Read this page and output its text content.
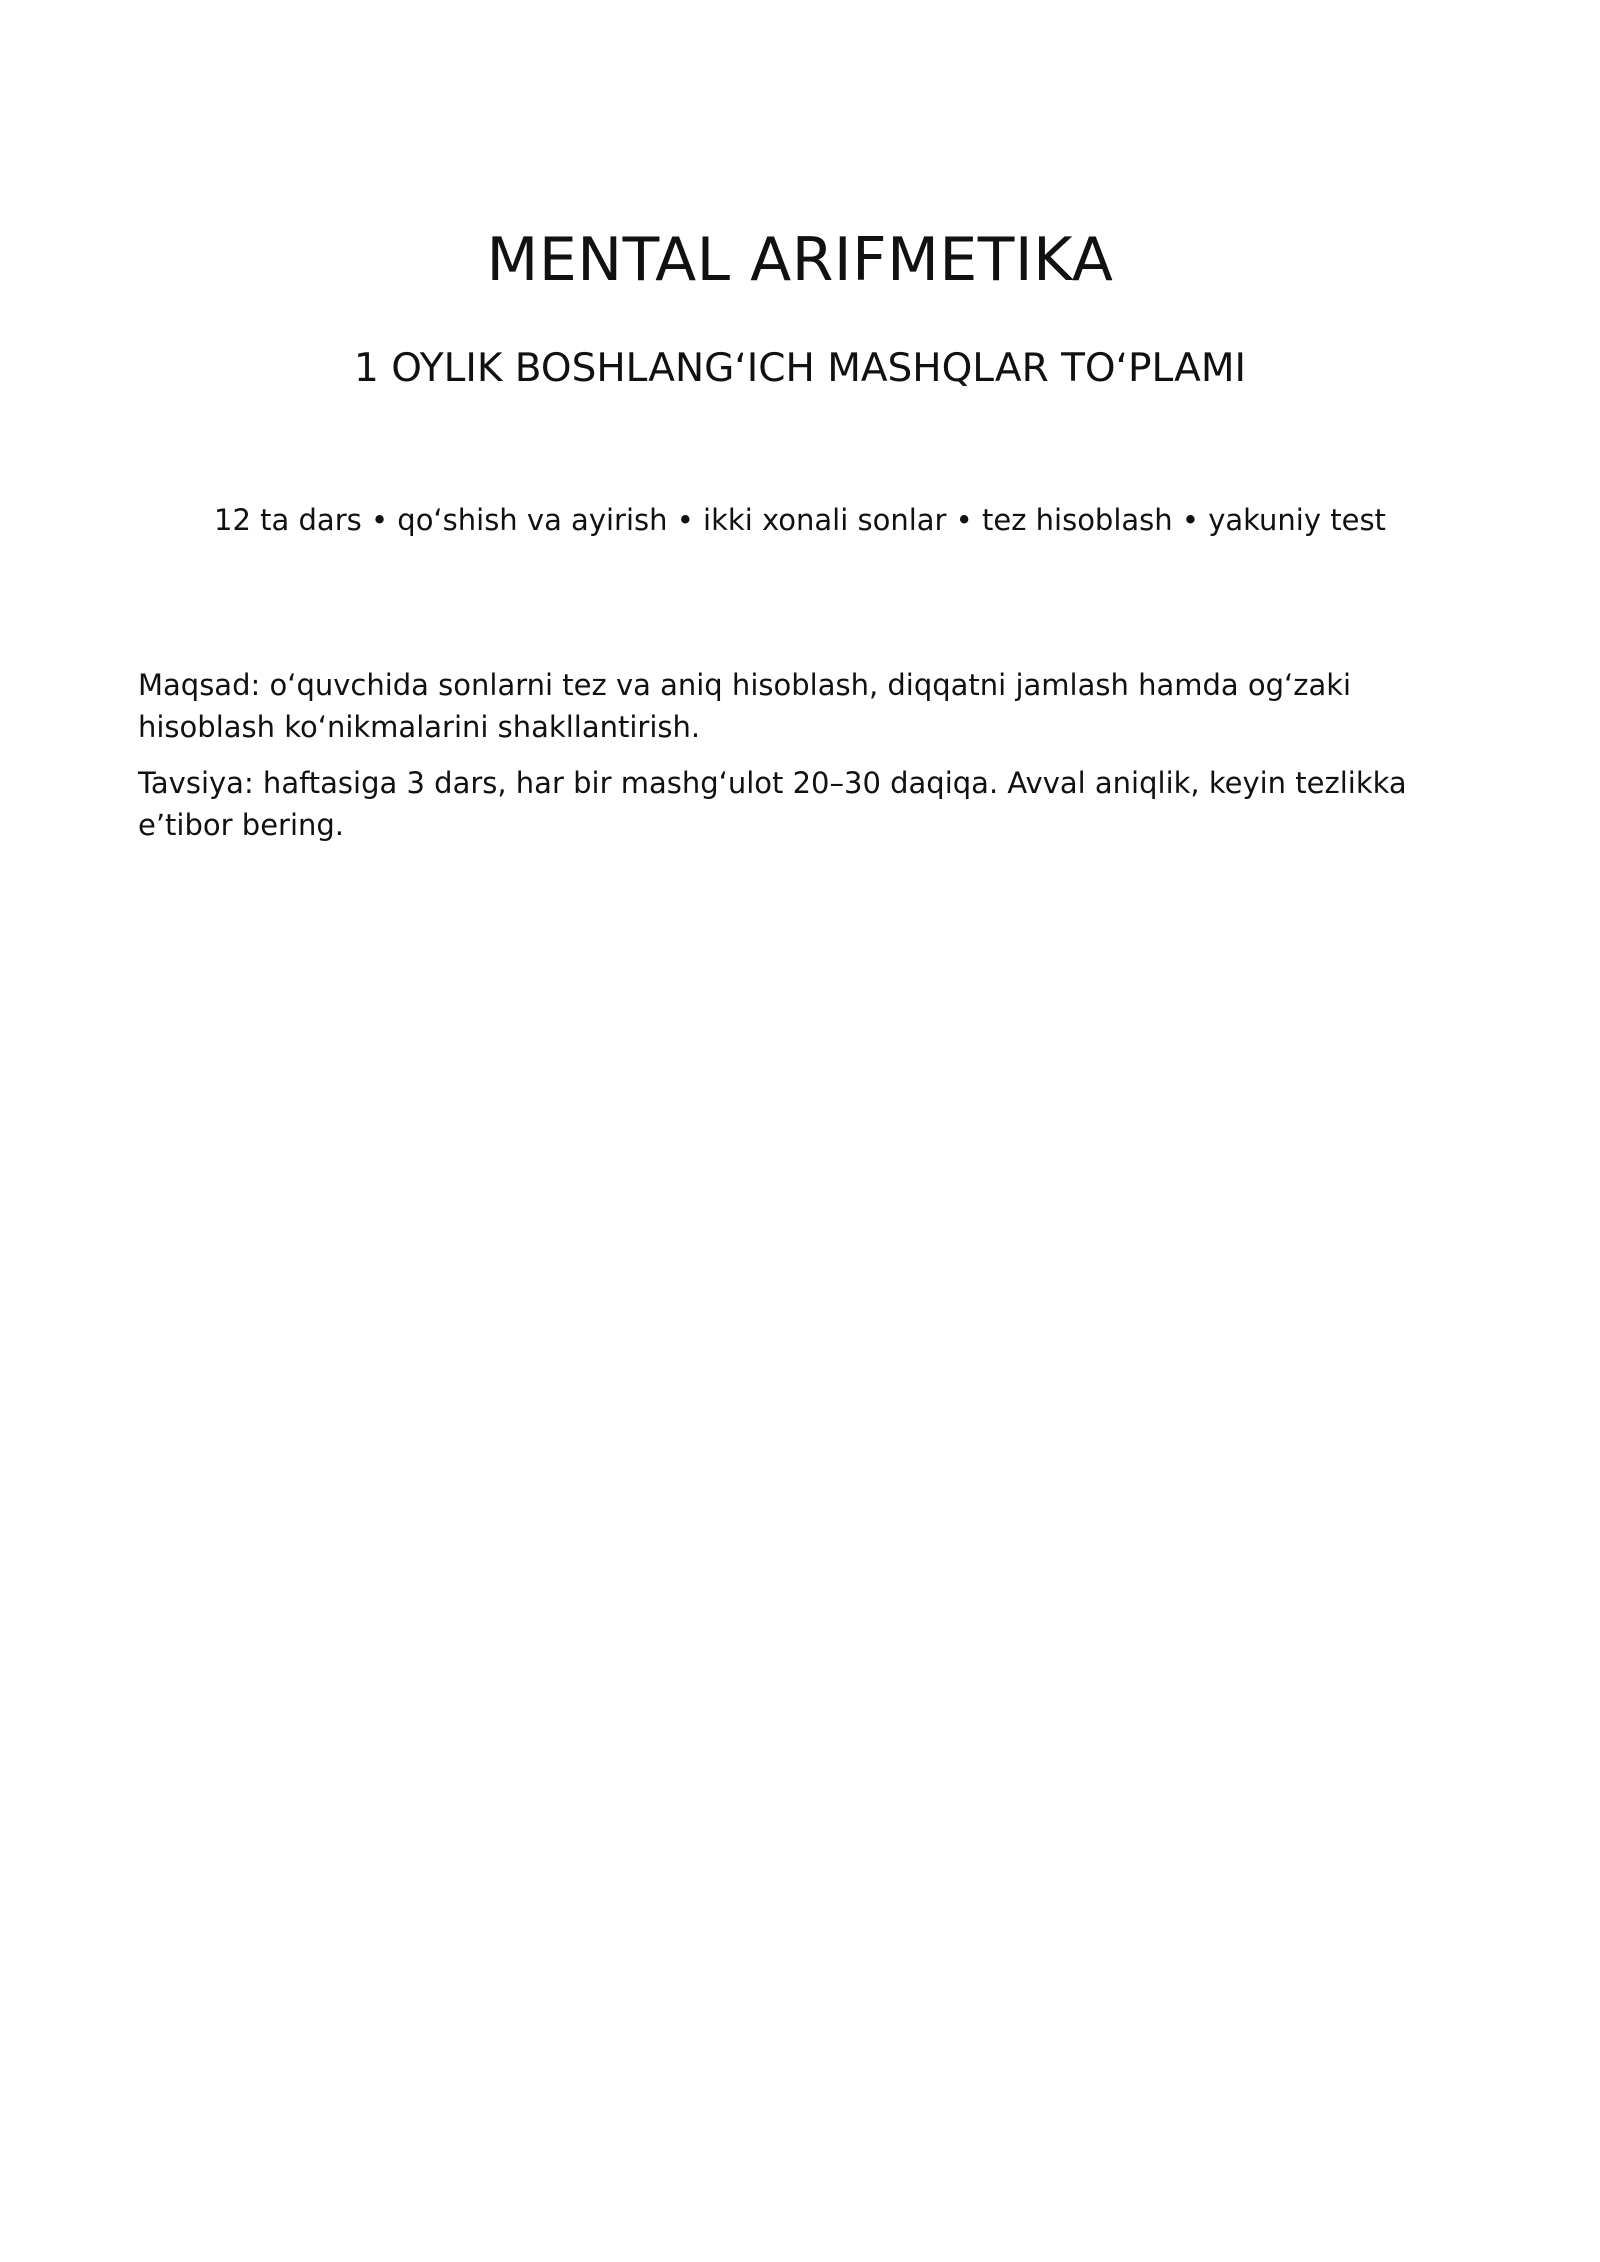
MENTAL ARIFMETIKA
1 OYLIK BOSHLANG‘ICH MASHQLAR TO‘PLAMI

12 ta dars • qo‘shish va ayirish • ikki xonali sonlar • tez hisoblash • yakuniy test

Maqsad: o‘quvchida sonlarni tez va aniq hisoblash, diqqatni jamlash hamda og‘zaki hisoblash ko‘nikmalarini shakllantirish.

Tavsiya: haftasiga 3 dars, har bir mashg‘ulot 20–30 daqiqa. Avval aniqlik, keyin tezlikka e’tibor bering.
